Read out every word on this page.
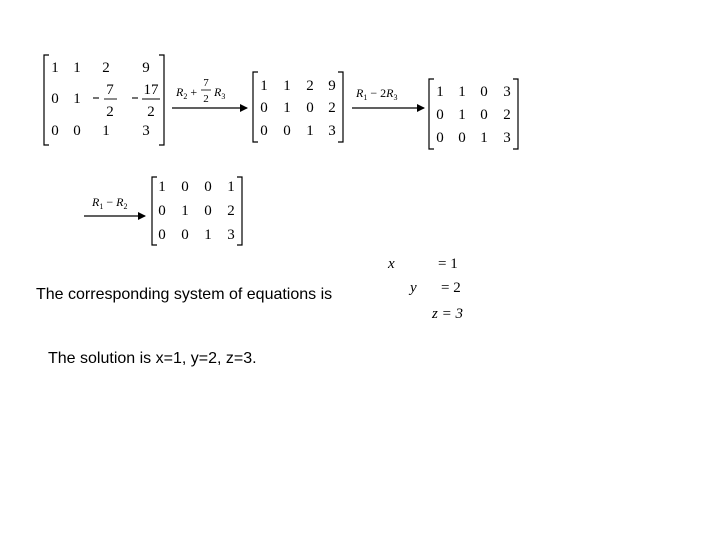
1 1 2 9
0 1
7
2
17
2
0 0 1 3
$R_2$ +
7
2 $R_3$
1 1 2 9
0 1 0 2
0 0 1 3
$R_1 - 2R_3$	1 1 0 3
0 1 0 2
0 0 1 3
$R_1 - R_2$
1 0 0 1
0 1 0 2
0 0 1 3
x	= 1
y = 2
z = 3
The corresponding system of equations is
The solution is x=1, y=2, z=3.
